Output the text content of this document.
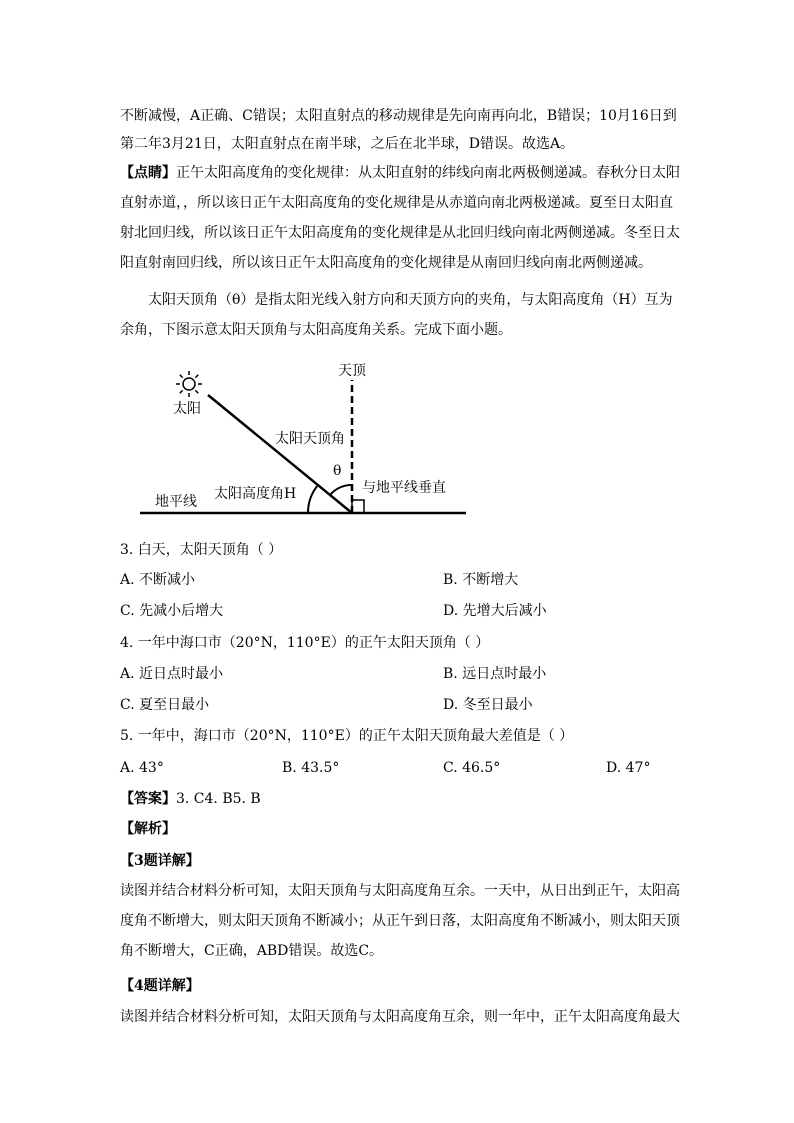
不断减慢，A正确、C错误；太阳直射点的移动规律是先向南再向北，B错误；10月16日到
第二年3月21日，太阳直射点在南半球，之后在北半球，D错误。故选A。
【点睛】正午太阳高度角的变化规律：从太阳直射的纬线向南北两极侧递减。春秋分日太阳
直射赤道，，所以该日正午太阳高度角的变化规律是从赤道向南北两极递减。夏至日太阳直
射北回归线，所以该日正午太阳高度角的变化规律是从北回归线向南北两侧递减。冬至日太
阳直射南回归线，所以该日正午太阳高度角的变化规律是从南回归线向南北两侧递减。
太阳天顶角（θ）是指太阳光线入射方向和天顶方向的夹角，与太阳高度角（H）互为
余角，下图示意太阳天顶角与太阳高度角关系。完成下面小题。
太阳
天顶
地平线
太阳天顶角
θ
太阳高度角H	与地平线垂直
3. 白天，太阳天顶角（ ）
A. 不断减小	B. 不断增大
C. 先减小后增大	D. 先增大后减小
4. 一年中海口市（20°N，110°E）的正午太阳天顶角（ ）
A. 近日点时最小	B. 远日点时最小
C. 夏至日最小	D. 冬至日最小
5. 一年中，海口市（20°N，110°E）的正午太阳天顶角最大差值是（ ）
A. 43°	B. 43.5°	C. 46.5°	D. 47°
【答案】3. C4. B5. B
【解析】
【3题详解】
读图并结合材料分析可知，太阳天顶角与太阳高度角互余。一天中，从日出到正午，太阳高
度角不断增大，则太阳天顶角不断减小；从正午到日落，太阳高度角不断减小，则太阳天顶
角不断增大，C正确，ABD错误。故选C。
【4题详解】
读图并结合材料分析可知，太阳天顶角与太阳高度角互余，则一年中，正午太阳高度角最大
